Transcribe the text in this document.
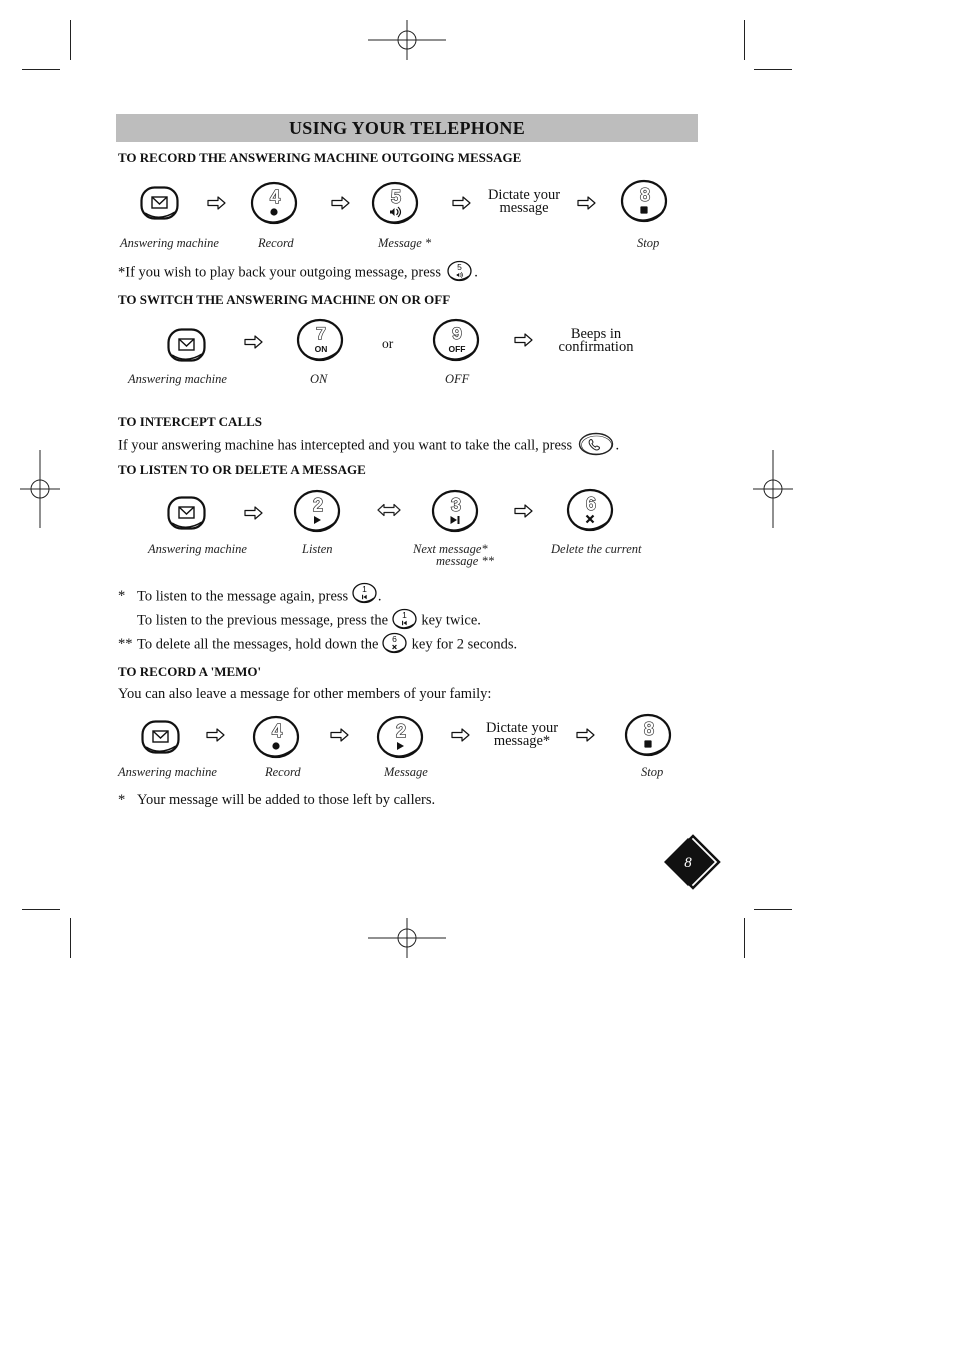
USING YOUR TELEPHONE
TO RECORD THE ANSWERING MACHINE OUTGOING MESSAGE
4	5	Dictate your message
8
Answering machine	Record	Message *	Stop
*If you wish to play back your outgoing message, press 5 .
TO SWITCH THE ANSWERING MACHINE ON OR OFF
7
ON	or
9
OFF
Beeps in confirmation
Answering machine	ON	OFF
TO INTERCEPT CALLS
If your answering machine has intercepted and you want to take the call, press	.
TO LISTEN TO OR DELETE A MESSAGE
2	3	6
Answering machine	Listen	Next message*
message **
Delete the current
* To listen to the message again, press 1 .
To listen to the previous message, press the 1 key twice.
** To delete all the messages, hold down the 6 key for 2 seconds.
TO RECORD A 'MEMO'
You can also leave a message for other members of your family:
4	2	Dictate your message*
8
Answering machine	Record	Message	Stop
* Your message will be added to those left by callers.
8
